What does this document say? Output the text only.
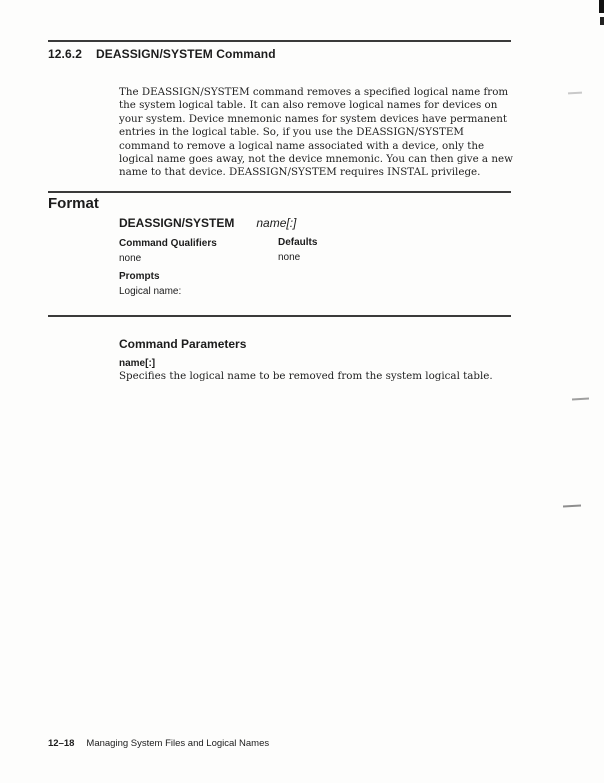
12.6.2 DEASSIGN/SYSTEM Command
The DEASSIGN/SYSTEM command removes a specified logical name from the system logical table. It can also remove logical names for devices on your system. Device mnemonic names for system devices have permanent entries in the logical table. So, if you use the DEASSIGN/SYSTEM command to remove a logical name associated with a device, only the logical name goes away, not the device mnemonic. You can then give a new name to that device. DEASSIGN/SYSTEM requires INSTAL privilege.
Format
DEASSIGN/SYSTEM name[:]
Command Qualifiers	Defaults
none	none
Prompts
Logical name:
Command Parameters
name[:]
Specifies the logical name to be removed from the system logical table.
12–18 Managing System Files and Logical Names
